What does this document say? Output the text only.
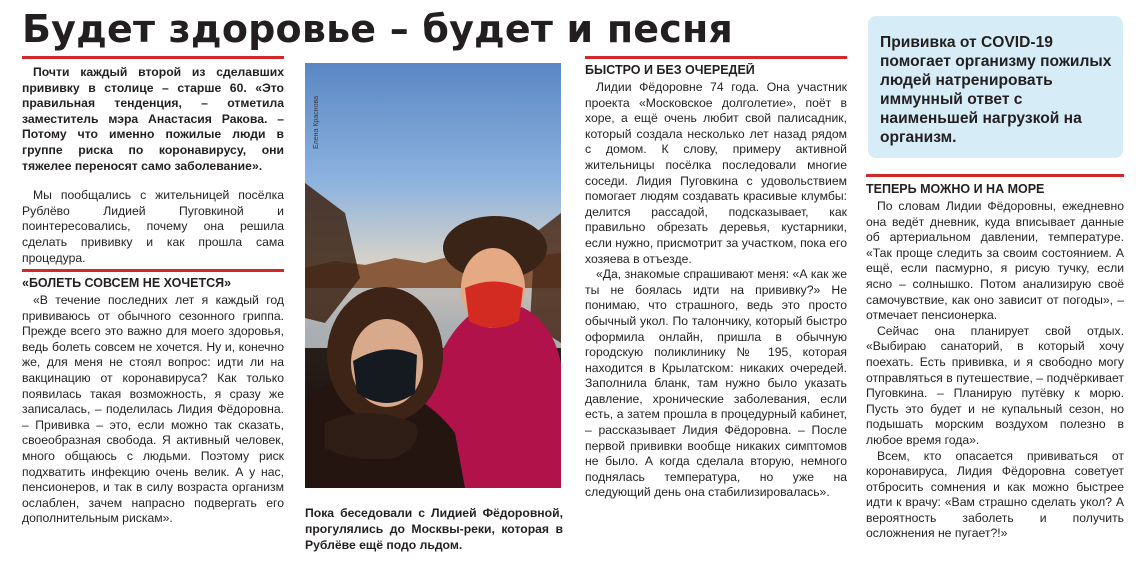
Будет здоровье – будет и песня

Почти каждый второй из сделавших прививку в столице – старше 60. «Это правильная тенденция, – отметила заместитель мэра Анастасия Ракова. – Потому что именно пожилые люди в группе риска по коронавирусу, они тяжелее переносят само заболевание».

Мы пообщались с жительницей посёлка Рублёво Лидией Пуговкиной и поинтересовались, почему она решила сделать прививку и как прошла сама процедура.

«БОЛЕТЬ СОВСЕМ НЕ ХОЧЕТСЯ»

«В течение последних лет я каждый год прививаюсь от обычного сезонного гриппа. Прежде всего это важно для моего здоровья, ведь болеть совсем не хочется. Ну и, конечно же, для меня не стоял вопрос: идти ли на вакцинацию от коронавируса? Как только появилась такая возможность, я сразу же записалась, – поделилась Лидия Фёдоровна. – Прививка – это, если можно так сказать, своеобразная свобода. Я активный человек, много общаюсь с людьми. Поэтому риск подхватить инфекцию очень велик. А у нас, пенсионеров, и так в силу возраста организм ослаблен, зачем напрасно подвергать его дополнительным рискам».

Елена Краснова
Пока беседовали с Лидией Фёдоровной, прогулялись до Москвы-реки, которая в Рублёве ещё подо льдом.
БЫСТРО И БЕЗ ОЧЕРЕДЕЙ

Лидии Фёдоровне 74 года. Она участник проекта «Московское долголетие», поёт в хоре, а ещё очень любит свой палисадник, который создала несколько лет назад рядом с домом. К слову, примеру активной жительницы посёлка последовали многие соседи. Лидия Пуговкина с удовольствием помогает людям создавать красивые клумбы: делится рассадой, подсказывает, как правильно обрезать деревья, кустарники, если нужно, присмотрит за участком, пока его хозяева в отъезде.

«Да, знакомые спрашивают меня: «А как же ты не боялась идти на прививку?» Не понимаю, что страшного, ведь это просто обычный укол. По талончику, который быстро оформила онлайн, пришла в обычную городскую поликлинику № 195, которая находится в Крылатском: никаких очередей. Заполнила бланк, там нужно было указать давление, хронические заболевания, если есть, а затем прошла в процедурный кабинет, – рассказывает Лидия Фёдоровна. – После первой прививки вообще никаких симптомов не было. А когда сделала вторую, немного поднялась температура, но уже на следующий день она стабилизировалась».

Прививка от COVID-19 помогает организму пожилых людей натренировать иммунный ответ с наименьшей нагрузкой на организм.
ТЕПЕРЬ МОЖНО И НА МОРЕ

По словам Лидии Фёдоровны, ежедневно она ведёт дневник, куда вписывает данные об артериальном давлении, температуре. «Так проще следить за своим состоянием. А ещё, если пасмурно, я рисую тучку, если ясно – солнышко. Потом анализирую своё самочувствие, как оно зависит от погоды», – отмечает пенсионерка.

Сейчас она планирует свой отдых. «Выбираю санаторий, в который хочу поехать. Есть прививка, и я свободно могу отправляться в путешествие, – подчёркивает Пуговкина. – Планирую путёвку к морю. Пусть это будет и не купальный сезон, но подышать морским воздухом полезно в любое время года».

Всем, кто опасается прививаться от коронавируса, Лидия Фёдоровна советует отбросить сомнения и как можно быстрее идти к врачу: «Вам страшно сделать укол? А вероятность заболеть и получить осложнения не пугает?!»
